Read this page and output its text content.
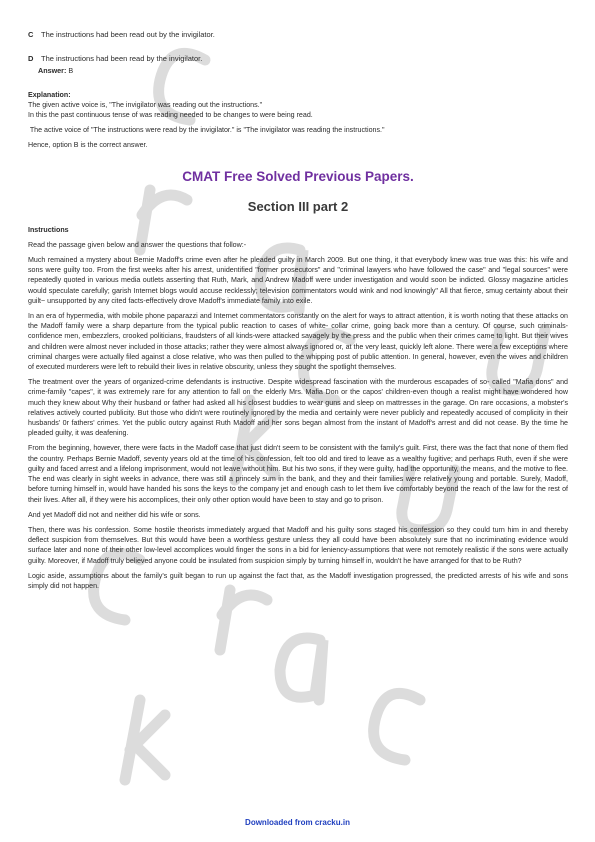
C	The instructions had been read out by the invigilator.
D	The instructions had been read by the invigilator.
Answer: B
Explanation:

The given active voice is, "The invigilator was reading out the instructions."

In this the past continuous tense of was reading needed to be changes to were being read.

The active voice of "The instructions were read by the invigilator." is "The invigilator was reading the instructions."

Hence, option B is the correct answer.

CMAT Free Solved Previous Papers.
Section III part 2
Instructions

Read the passage given below and answer the questions that follow:-

Much remained a mystery about Bernie Madoff's crime even after he pleaded guilty in March 2009. But one thing, it that everybody knew was true was this: his wife and sons were guilty too. From the first weeks after his arrest, unidentified "former prosecutors" and "criminal lawyers who have followed the case" and "legal sources" were repeatedly quoted in various media outlets asserting that Ruth, Mark, and Andrew Madoff were under investigation and would soon be indicted. Glossy magazine articles would speculate carefully; garish Internet blogs would accuse recklessly; television commentators would wink and nod knowingly" All that fierce, smug certainty about their guilt~ unsupported by any cited facts-effectively drove Madoff's immediate family into exile.

In an era of hypermedia, with mobile phone paparazzi and Internet commentators constantly on the alert for ways to attract attention, it is worth noting that these attacks on the Madoff family were a sharp departure from the typical public reaction to cases of white- collar crime, going back more than a century. Of course, such criminals-confidence men, embezzlers, crooked politicians, fraudsters of all kinds-were attacked savagely by the press and the public when their crimes came to light. But their wives and children were almost never included in those attacks; rather they were almost always ignored or, at the very least, quickly left alone. There were a few exceptions where criminal charges were actually filed against a close relative, who was then pulled to the whipping post of public attention. In general, however, even the wives and children of executed murderers were left to rebuild their lives in relative obscurity, unless they sought the spotlight themselves.

The treatment over the years of organized-crime defendants is instructive. Despite widespread fascination with the murderous escapades of so- called "Mafia dons" and crime-family "capes", it was extremely rare for any attention to fall on the elderly Mrs. Mafia Don or the capos' children-even though a realist might have wondered how much they knew about Why their husband or father had asked all his closest buddies to wear guns and sleep on mattresses in the garage. On rare occasions, a mobster's relatives actively courted publicity. But those who didn't were routinely ignored by the media and certainly were never publicly and repeatedly accused of complicity in their husbands' 0r fathers' crimes. Yet the public outcry against Ruth Madoff and her sons began almost from the instant of Madoff's arrest and did not cease. By the time he pleaded guilty, it was deafening.

From the beginning, however, there were facts in the Madoff case that just didn't seem to be consistent with the family's guilt. First, there was the fact that none of them fled the country. Perhaps Bernie Madoff, seventy years old at the time of his confession, felt too old and tired to leave as a wealthy fugitive; and perhaps Ruth, even if she were guilty and faced arrest and a lifelong imprisonment, would not leave without him. But his two sons, if they were guilty, had the opportunity, the means, and the motive to flee. The end was clearly in sight weeks in advance, there was still a princely sum in the bank, and they and their families were relatively young and portable. Surely, Madoff, before turning himself in, would have handed his sons the keys to the company jet and enough cash to let them live comfortably beyond the reach of the law for the rest of their lives. After all, if they were his accomplices, their only other option would have been to stay and go to prison.

And yet Madoff did not and neither did his wife or sons.

Then, there was his confession. Some hostile theorists immediately argued that Madoff and his guilty sons staged his confession so they could turn him in and thereby deflect suspicion from themselves. But this would have been a worthless gesture unless they all could have been absolutely sure that no incriminating evidence would surface later and none of their other low-level accomplices would finger the sons in a bid for leniency-assumptions that were not remotely realistic if the sons were actually guilty. Moreover, if Madoff truly believed anyone could be insulated from suspicion simply by turning himself in, wouldn't he have arranged for that to be Ruth?

Logic aside, assumptions about the family's guilt began to run up against the fact that, as the Madoff investigation progressed, the predicted arrests of his wife and sons simply did not happen.

Downloaded from cracku.in
